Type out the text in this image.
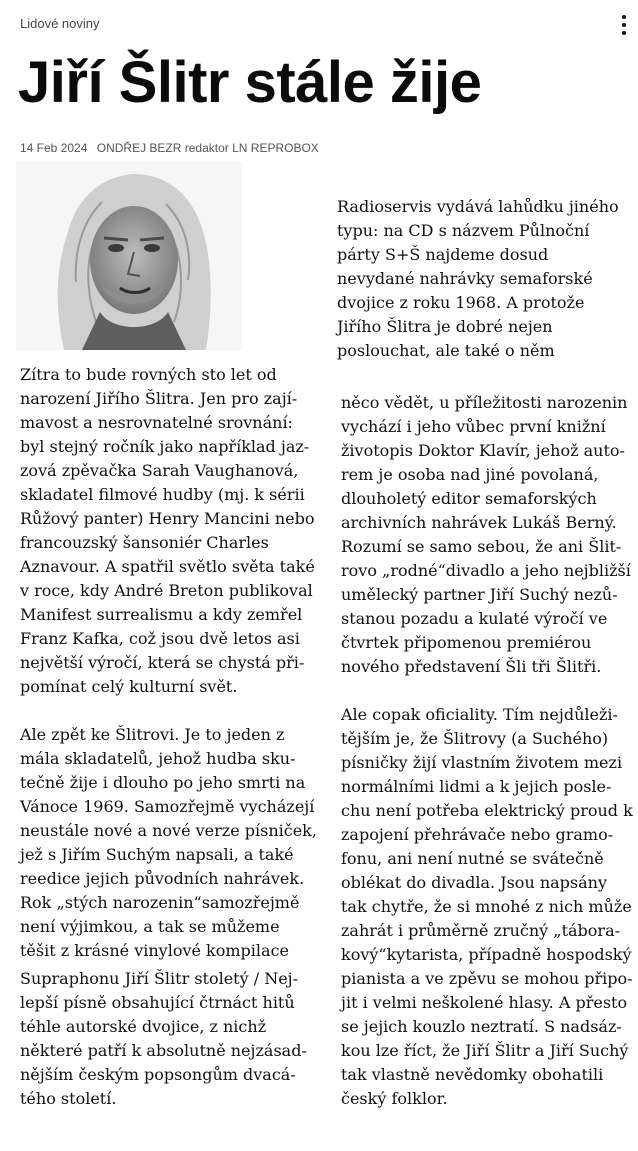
Lidové noviny
Jiří Šlitr stále žije
14 Feb 2024 ONDŘEJ BEZR redaktor LN REPROBOX

Radioservis vydává lahůdku jiného typu: na CD s názvem Půlnoční párty S+Š najdeme dosud nevydané nahrávky semaforské dvojice z roku 1968. A protože Jiřího Šlitra je dobré nejen poslouchat, ale také o něm

Zítra to bude rovných sto let od narození Jiřího Šlitra. Jen pro zají-mavost a nesrovnatelné srovnání: byl stejný ročník jako například jaz-zová zpěvačka Sarah Vaughanová, skladatel filmové hudby (mj. k sérii Růžový panter) Henry Mancini nebo francouzský šansoniér Charles Aznavour. A spatřil světlo světa také v roce, kdy André Breton publikoval Manifest surrealismu a kdy zemřel Franz Kafka, což jsou dvě letos asi největší výročí, která se chystá při-pomínat celý kulturní svět.

Ale zpět ke Šlitrovi. Je to jeden z mála skladatelů, jehož hudba sku-tečně žije i dlouho po jeho smrti na Vánoce 1969. Samozřejmě vycházejí neustále nové a nové verze písniček, jež s Jiřím Suchým napsali, a také reedice jejich původních nahrávek. Rok „stých narozenin“samozřejmě není výjimkou, a tak se můžeme těšit z krásné vinylové kompilace

něco vědět, u příležitosti narozenin vychází i jeho vůbec první knižní životopis Doktor Klavír, jehož auto-rem je osoba nad jiné povolaná, dlouholetý editor semaforských archivních nahrávek Lukáš Berný. Rozumí se samo sebou, že ani Šlit-rovo „rodné“divadlo a jeho nejbližší umělecký partner Jiří Suchý nezů-stanou pozadu a kulaté výročí ve čtvrtek připomenou premiérou nového představení Šli tři Šlitři.

Ale copak oficiality. Tím nejdůleži-tějším je, že Šlitrovy (a Suchého) písničky žijí vlastním životem mezi normálními lidmi a k jejich posle-chu není potřeba elektrický proud k zapojení přehrávače nebo gramo-fonu, ani není nutné se svátečně oblékat do divadla. Jsou napsány tak chytře, že si mnohé z nich může zahrát i průměrně zručný „tábora-kový“kytarista, případně hospodský pianista a ve zpěvu se mohou připo-jit i velmi neškolené hlasy. A přesto se jejich kouzlo neztratí. S nadsáz-kou lze říct, že Jiří Šlitr a Jiří Suchý tak vlastně nevědomky obohatili český folklor.

Supraphonu Jiří Šlitr stoletý / Nej-lepší písně obsahující čtrnáct hitů téhle autorské dvojice, z nichž některé patří k absolutně nejzásad-nějším českým popsongům dvacá-tého století.
